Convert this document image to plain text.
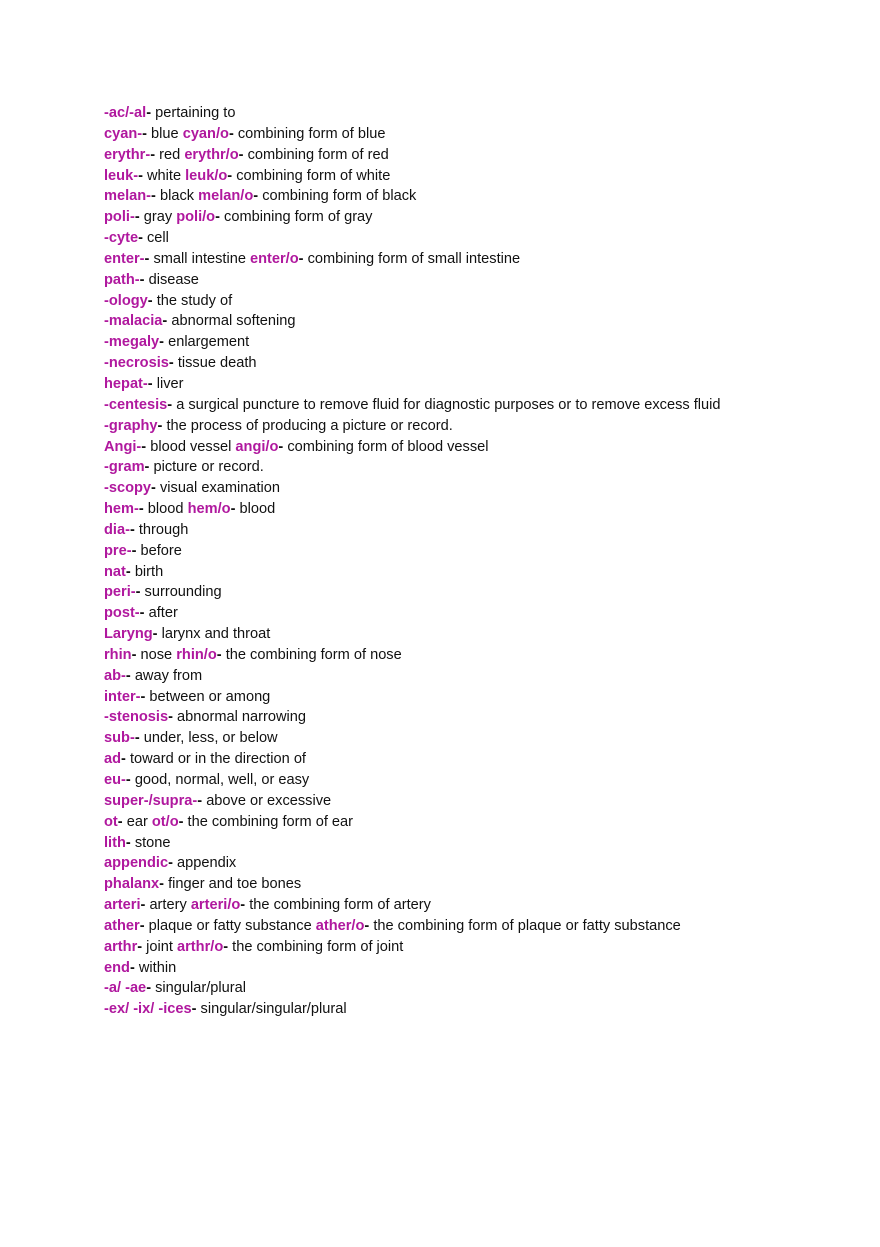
-ac/-al- pertaining to
cyan-- blue cyan/o- combining form of blue
erythr-- red erythr/o- combining form of red
leuk-- white leuk/o- combining form of white
melan-- black melan/o- combining form of black
poli-- gray poli/o- combining form of gray
-cyte- cell
enter-- small intestine enter/o- combining form of small intestine
path-- disease
-ology- the study of
-malacia- abnormal softening
-megaly- enlargement
-necrosis- tissue death
hepat-- liver
-centesis- a surgical puncture to remove fluid for diagnostic purposes or to remove excess fluid
-graphy- the process of producing a picture or record.
Angi-- blood vessel angi/o- combining form of blood vessel
-gram- picture or record.
-scopy- visual examination
hem-- blood hem/o- blood
dia-- through
pre-- before
nat- birth
peri-- surrounding
post-- after
Laryng- larynx and throat
rhin- nose rhin/o- the combining form of nose
ab-- away from
inter-- between or among
-stenosis- abnormal narrowing
sub-- under, less, or below
ad- toward or in the direction of
eu-- good, normal, well, or easy
super-/supra-- above or excessive
ot- ear ot/o- the combining form of ear
lith- stone
appendic- appendix
phalanx- finger and toe bones
arteri- artery arteri/o- the combining form of artery
ather- plaque or fatty substance ather/o- the combining form of plaque or fatty substance
arthr- joint arthr/o- the combining form of joint
end- within
-a/ -ae- singular/plural
-ex/ -ix/ -ices- singular/singular/plural
